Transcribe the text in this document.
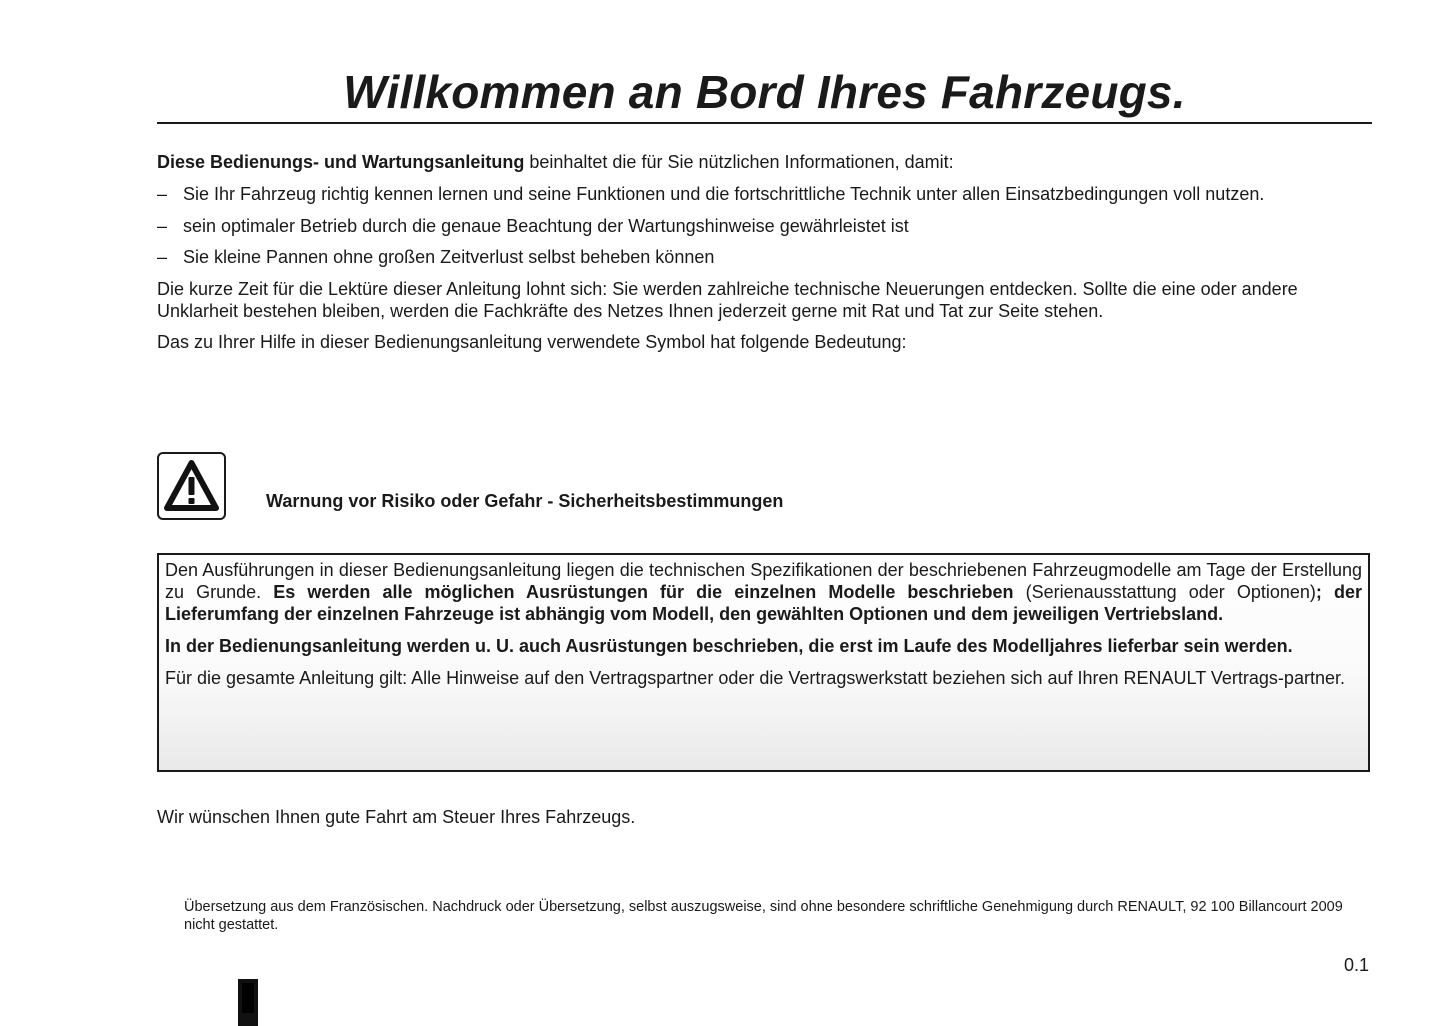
Willkommen an Bord Ihres Fahrzeugs.

Diese Bedienungs- und Wartungsanleitung beinhaltet die für Sie nützlichen Informationen, damit:

– Sie Ihr Fahrzeug richtig kennen lernen und seine Funktionen und die fortschrittliche Technik unter allen Einsatzbedingungen voll nutzen.
– sein optimaler Betrieb durch die genaue Beachtung der Wartungshinweise gewährleistet ist
– Sie kleine Pannen ohne großen Zeitverlust selbst beheben können

Die kurze Zeit für die Lektüre dieser Anleitung lohnt sich: Sie werden zahlreiche technische Neuerungen entdecken. Sollte die eine oder andere Unklarheit bestehen bleiben, werden die Fachkräfte des Netzes Ihnen jederzeit gerne mit Rat und Tat zur Seite stehen.

Das zu Ihrer Hilfe in dieser Bedienungsanleitung verwendete Symbol hat folgende Bedeutung:

Warnung vor Risiko oder Gefahr - Sicherheitsbestimmungen

Den Ausführungen in dieser Bedienungsanleitung liegen die technischen Spezifikationen der beschriebenen Fahrzeugmodelle am Tage der Erstellung zu Grunde. Es werden alle möglichen Ausrüstungen für die einzelnen Modelle beschrieben (Serienausstattung oder Optionen); der Lieferumfang der einzelnen Fahrzeuge ist abhängig vom Modell, den gewählten Optionen und dem jeweiligen Vertriebsland.

In der Bedienungsanleitung werden u. U. auch Ausrüstungen beschrieben, die erst im Laufe des Modelljahres lieferbar sein werden.

Für die gesamte Anleitung gilt: Alle Hinweise auf den Vertragspartner oder die Vertragswerkstatt beziehen sich auf Ihren RENAULT Vertrags-partner.

Wir wünschen Ihnen gute Fahrt am Steuer Ihres Fahrzeugs.

Übersetzung aus dem Französischen. Nachdruck oder Übersetzung, selbst auszugsweise, sind ohne besondere schriftliche Genehmigung durch RENAULT, 92 100 Billancourt 2009 nicht gestattet.

0.1
